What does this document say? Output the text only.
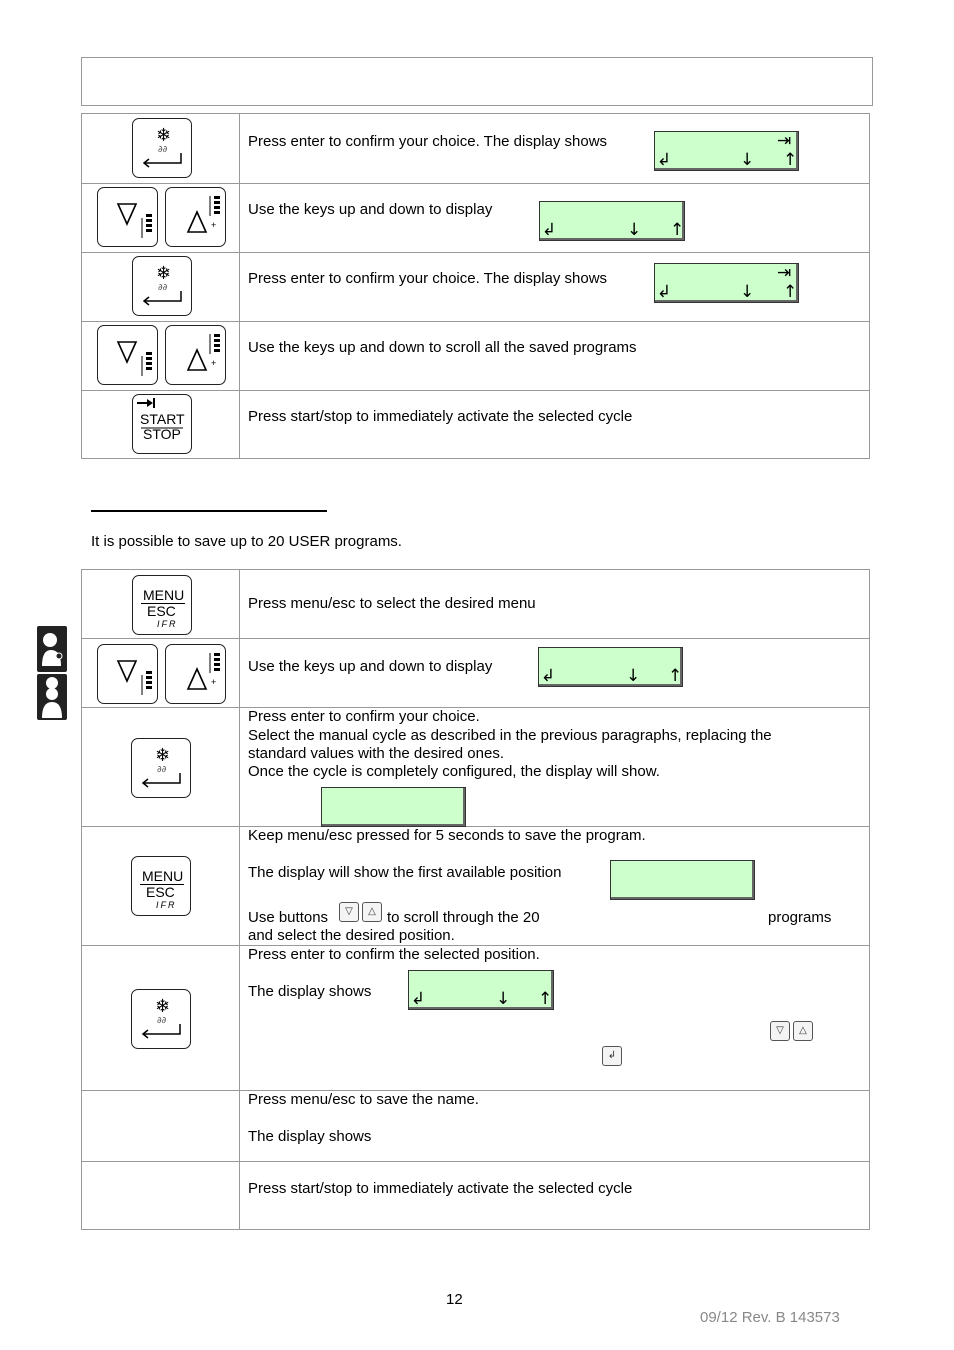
❄
∂∂	Press enter to confirm your choice. The display shows	⇥
↲	↓ ↑
+
Use the keys up and down to display
↲	↓ ↑
❄
∂∂
Press enter to confirm your choice. The display shows	⇥
↲	↓ ↑
+
Use the keys up and down to scroll all the saved programs
START
STOP
Press start/stop to immediately activate the selected cycle
It is possible to save up to 20 USER programs.
MENU
ESC
IFR
Press menu/esc to select the desired menu
+
Use the keys up and down to display	↲	↓ ↑
❄
∂∂
Press enter to confirm your choice.
Select the manual cycle as described in the previous paragraphs, replacing the
standard values with the desired ones.
Once the cycle is completely configured, the display will show.
MENU
ESC
IFR
Keep menu/esc pressed for 5 seconds to save the program.
The display will show the first available position
Use buttons	▽	△ to scroll through the 20	programs
and select the desired position.
❄
∂∂
Press enter to confirm the selected position.
The display shows ↲	↓ ↑
▽	△
↲
Press menu/esc to save the name.
The display shows
Press start/stop to immediately activate the selected cycle
12
09/12 Rev. B 143573
